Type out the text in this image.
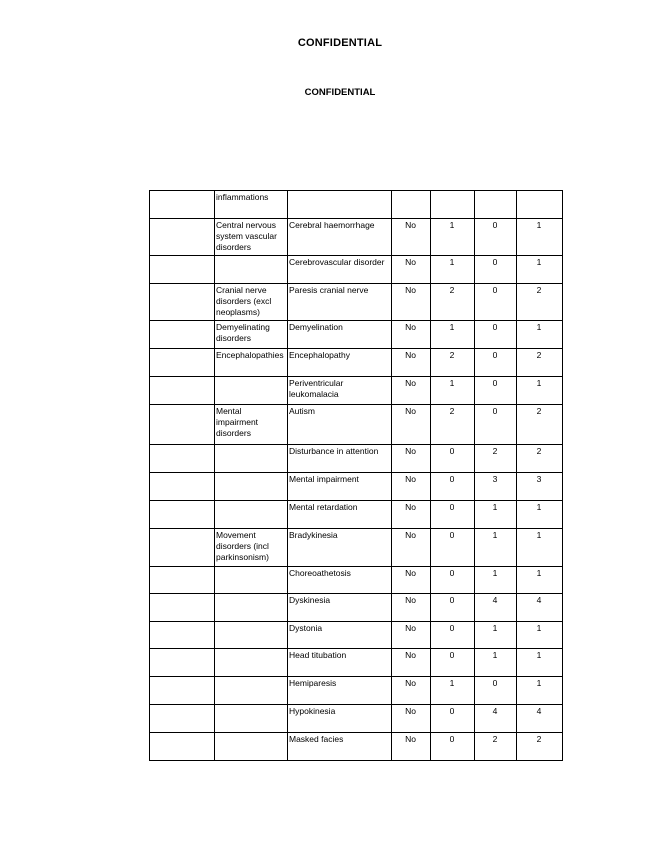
CONFIDENTIAL
CONFIDENTIAL
	inflammations					
	Central nervous system vascular disorders	Cerebral haemorrhage	No	1	0	1
		Cerebrovascular disorder	No	1	0	1
	Cranial nerve disorders (excl neoplasms)	Paresis cranial nerve	No	2	0	2
	Demyelinating disorders	Demyelination	No	1	0	1
	Encephalopathies	Encephalopathy	No	2	0	2
		Periventricular leukomalacia	No	1	0	1
	Mental impairment disorders	Autism	No	2	0	2
		Disturbance in attention	No	0	2	2
		Mental impairment	No	0	3	3
		Mental retardation	No	0	1	1
	Movement disorders (incl parkinsonism)	Bradykinesia	No	0	1	1
		Choreoathetosis	No	0	1	1
		Dyskinesia	No	0	4	4
		Dystonia	No	0	1	1
		Head titubation	No	0	1	1
		Hemiparesis	No	1	0	1
		Hypokinesia	No	0	4	4
		Masked facies	No	0	2	2
